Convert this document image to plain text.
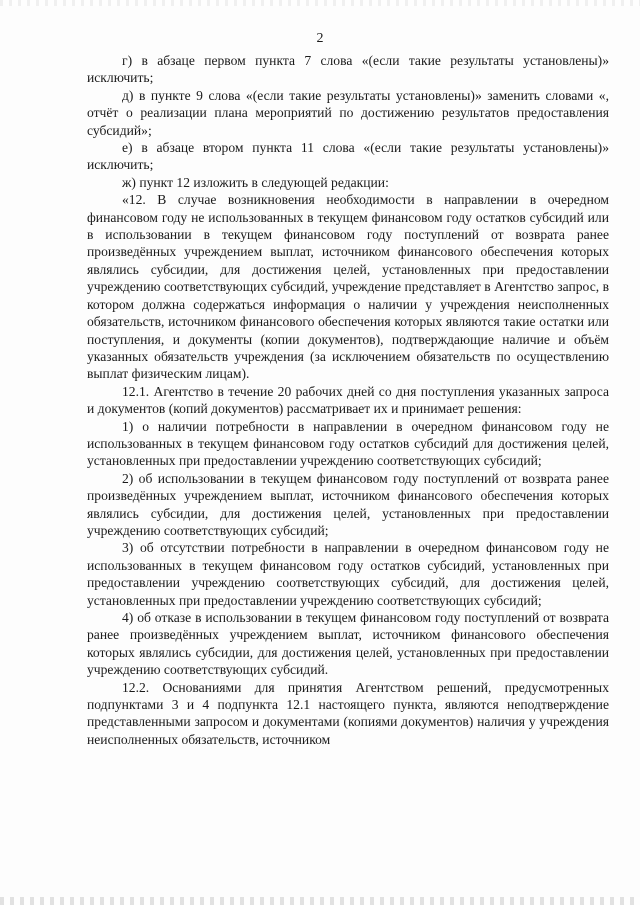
2

г) в абзаце первом пункта 7 слова «(если такие результаты установлены)» исключить;

д) в пункте 9 слова «(если такие результаты установлены)» заменить словами «, отчёт о реализации плана мероприятий по достижению результатов предоставления субсидий»;

е) в абзаце втором пункта 11 слова «(если такие результаты установлены)» исключить;

ж) пункт 12 изложить в следующей редакции:

«12. В случае возникновения необходимости в направлении в очередном финансовом году не использованных в текущем финансовом году остатков субсидий или в использовании в текущем финансовом году поступлений от возврата ранее произведённых учреждением выплат, источником финансового обеспечения которых являлись субсидии, для достижения целей, установленных при предоставлении учреждению соответствующих субсидий, учреждение представляет в Агентство запрос, в котором должна содержаться информация о наличии у учреждения неисполненных обязательств, источником финансового обеспечения которых являются такие остатки или поступления, и документы (копии документов), подтверждающие наличие и объём указанных обязательств учреждения (за исключением обязательств по осуществлению выплат физическим лицам).

12.1. Агентство в течение 20 рабочих дней со дня поступления указанных запроса и документов (копий документов) рассматривает их и принимает решения:

1) о наличии потребности в направлении в очередном финансовом году не использованных в текущем финансовом году остатков субсидий для достижения целей, установленных при предоставлении учреждению соответствующих субсидий;

2) об использовании в текущем финансовом году поступлений от возврата ранее произведённых учреждением выплат, источником финансового обеспечения которых являлись субсидии, для достижения целей, установленных при предоставлении учреждению соответствующих субсидий;

3) об отсутствии потребности в направлении в очередном финансовом году не использованных в текущем финансовом году остатков субсидий, установленных при предоставлении учреждению соответствующих субсидий, для достижения целей, установленных при предоставлении учреждению соответствующих субсидий;

4) об отказе в использовании в текущем финансовом году поступлений от возврата ранее произведённых учреждением выплат, источником финансового обеспечения которых являлись субсидии, для достижения целей, установленных при предоставлении учреждению соответствующих субсидий.

12.2. Основаниями для принятия Агентством решений, предусмотренных подпунктами 3 и 4 подпункта 12.1 настоящего пункта, являются неподтверждение представленными запросом и документами (копиями документов) наличия у учреждения неисполненных обязательств, источником
